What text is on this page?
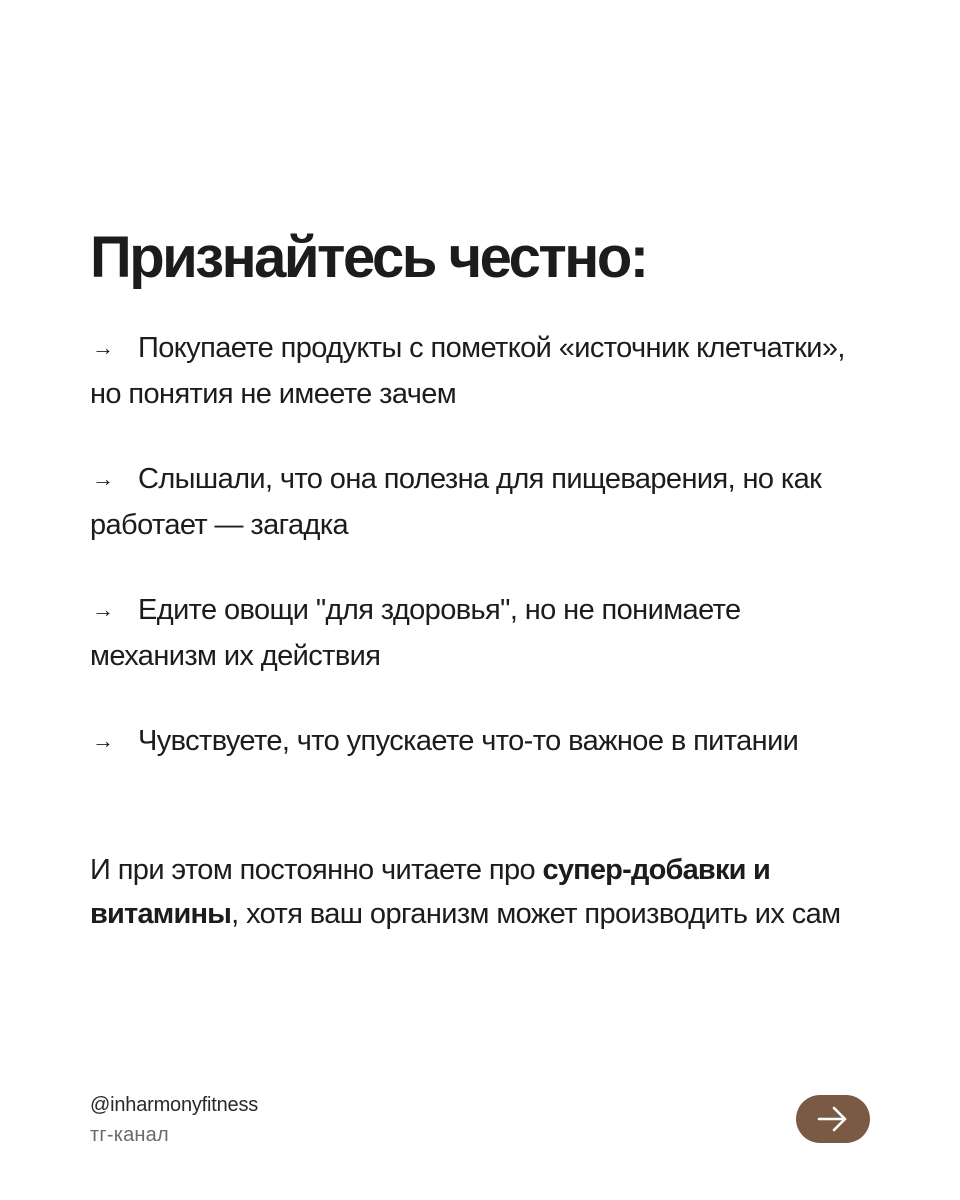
Признайтесь честно:
→ Покупаете продукты с пометкой «источник клетчатки», но понятия не имеете зачем
→ Слышали, что она полезна для пищеварения, но как работает — загадка
→ Едите овощи "для здоровья", но не понимаете механизм их действия
→ Чувствуете, что упускаете что-то важное в питании

И при этом постоянно читаете про супер-добавки и витамины, хотя ваш организм может производить их сам

@inharmonyfitness
тг-канал
